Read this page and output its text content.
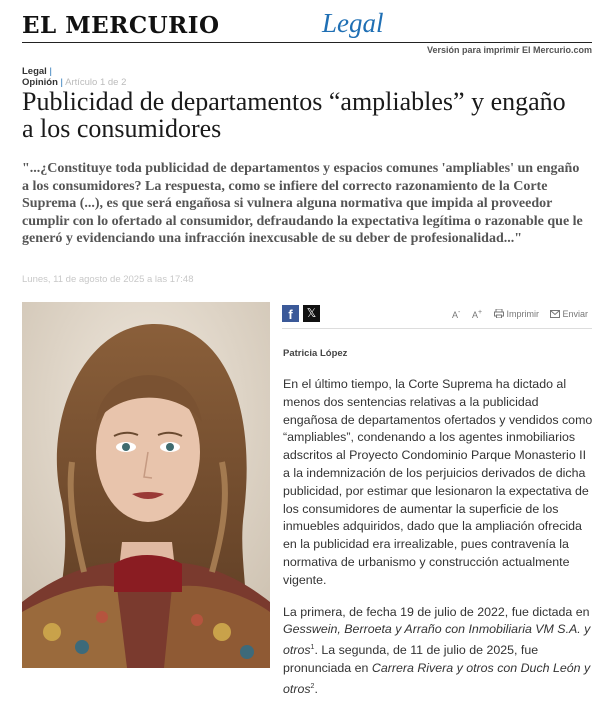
EL MERCURIO	Legal
Versión para imprimir El Mercurio.com
Legal |
Opinión | Artículo 1 de 2
Publicidad de departamentos “ampliables” y engaño a los consumidores

"...¿Constituye toda publicidad de departamentos y espacios comunes 'ampliables' un engaño a los consumidores? La respuesta, como se infiere del correcto razonamiento de la Corte Suprema (...), es que será engañosa si vulnera alguna normativa que impida al proveedor cumplir con lo ofertado al consumidor, defraudando la expectativa legítima o razonable que le generó y evidenciando una infracción inexcusable de su deber de profesionalidad..."

Lunes, 11 de agosto de 2025 a las 17:48
f	𝕏	A- A+	Imprimir	Enviar
Patricia López

En el último tiempo, la Corte Suprema ha dictado al menos dos sentencias relativas a la publicidad engañosa de departamentos ofertados y vendidos como “ampliables”, condenando a los agentes inmobiliarios adscritos al Proyecto Condominio Parque Monasterio II a la indemnización de los perjuicios derivados de dicha publicidad, por estimar que lesionaron la expectativa de los consumidores de aumentar la superficie de los inmuebles adquiridos, dado que la ampliación ofrecida en la publicidad era irrealizable, pues contravenía la normativa de urbanismo y construcción actualmente vigente.

La primera, de fecha 19 de julio de 2022, fue dictada en Gesswein, Berroeta y Arraño con Inmobiliaria VM S.A. y otros$^1$. La segunda, de 11 de julio de 2025, fue pronunciada en Carrera Rivera y otros con Duch León y otros$^2$.
